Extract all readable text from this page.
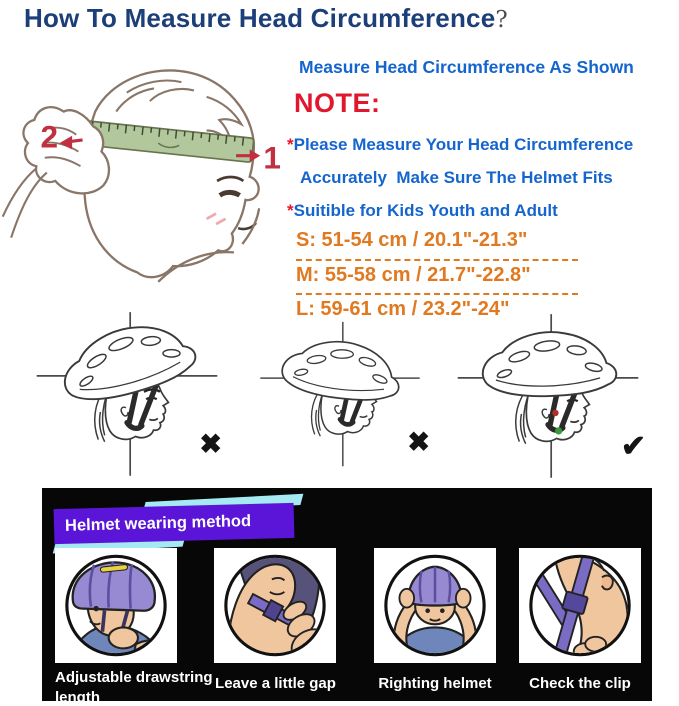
How To Measure Head Circumference?
2
1
Measure Head Circumference As Shown
NOTE:
*Please Measure Your Head Circumference
Accurately  Make Sure The Helmet Fits
*Suitible for Kids Youth and Adult
S: 51-54 cm / 20.1"-21.3"
M: 55-58 cm / 21.7"-22.8"
L: 59-61 cm / 23.2"-24"
✖	✖	✔
Helmet wearing method
Adjustable drawstring length
Leave a little gap	Righting helmet	Check the clip
